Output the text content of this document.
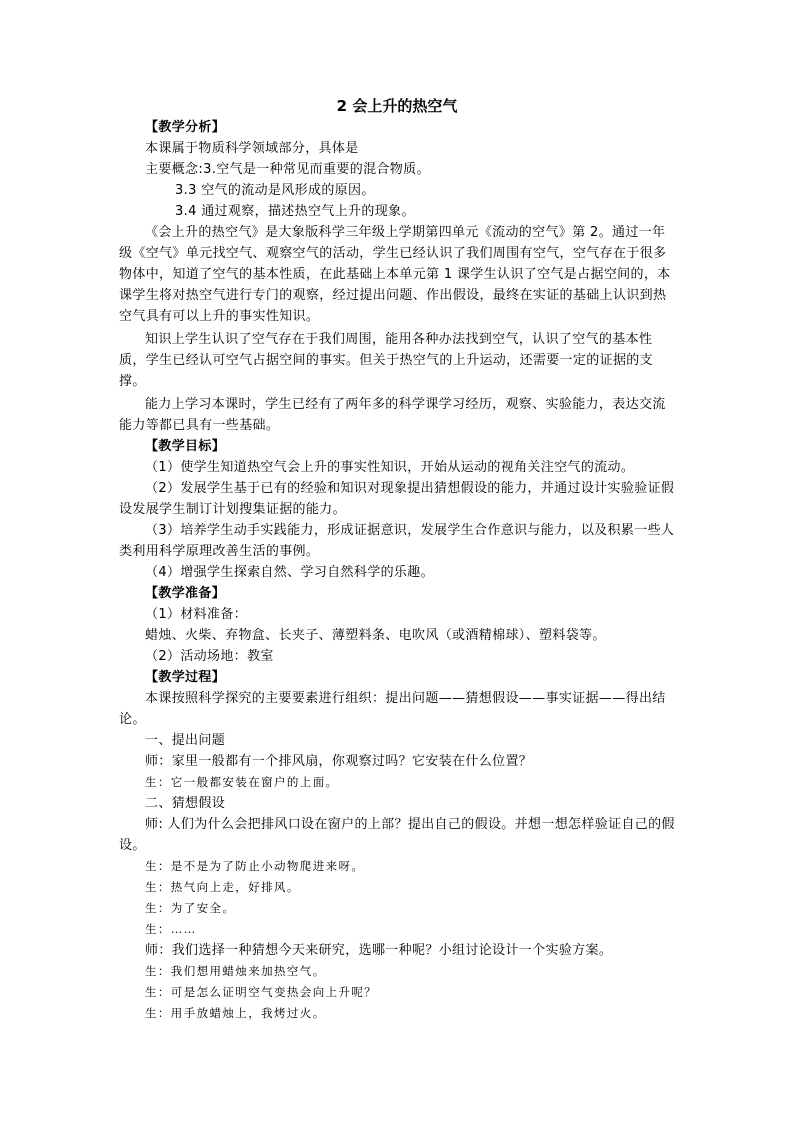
2 会上升的热空气

【教学分析】

本课属于物质科学领域部分，具体是

主要概念:3.空气是一种常见而重要的混合物质。

3.3 空气的流动是风形成的原因。

3.4 通过观察，描述热空气上升的现象。

《会上升的热空气》是大象版科学三年级上学期第四单元《流动的空气》第 2。通过一年级《空气》单元找空气、观察空气的活动，学生已经认识了我们周围有空气，空气存在于很多物体中，知道了空气的基本性质，在此基础上本单元第 1 课学生认识了空气是占据空间的，本课学生将对热空气进行专门的观察，经过提出问题、作出假设，最终在实证的基础上认识到热空气具有可以上升的事实性知识。

知识上学生认识了空气存在于我们周围，能用各种办法找到空气，认识了空气的基本性质，学生已经认可空气占据空间的事实。但关于热空气的上升运动，还需要一定的证据的支撑。

能力上学习本课时，学生已经有了两年多的科学课学习经历，观察、实验能力，表达交流能力等都已具有一些基础。

【教学目标】

（1）使学生知道热空气会上升的事实性知识，开始从运动的视角关注空气的流动。

（2）发展学生基于已有的经验和知识对现象提出猜想假设的能力，并通过设计实验验证假设发展学生制订计划搜集证据的能力。

（3）培养学生动手实践能力，形成证据意识，发展学生合作意识与能力，以及积累一些人类利用科学原理改善生活的事例。

（4）增强学生探索自然、学习自然科学的乐趣。

【教学准备】

（1）材料准备：

蜡烛、火柴、弃物盒、长夹子、薄塑料条、电吹风（或酒精棉球）、塑料袋等。

（2）活动场地：教室

【教学过程】

本课按照科学探究的主要要素进行组织：提出问题——猜想假设——事实证据——得出结论。

一、提出问题

师：家里一般都有一个排风扇，你观察过吗？它安装在什么位置？

生：它一般都安装在窗户的上面。

二、猜想假设

师: 人们为什么会把排风口设在窗户的上部？提出自己的假设。并想一想怎样验证自己的假设。

生：是不是为了防止小动物爬进来呀。

生：热气向上走，好排风。

生：为了安全。

生：……

师：我们选择一种猜想今天来研究，选哪一种呢？小组讨论设计一个实验方案。

生：我们想用蜡烛来加热空气。

生：可是怎么证明空气变热会向上升呢？

生：用手放蜡烛上，我烤过火。
